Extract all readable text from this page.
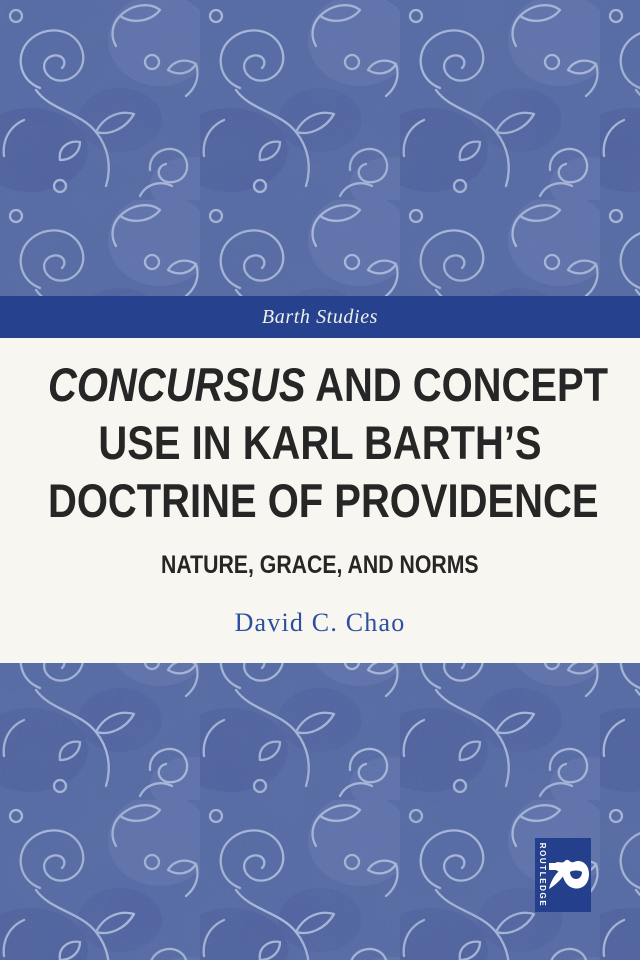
Barth Studies
CONCURSUS AND CONCEPT
USE IN KARL BARTH’S
DOCTRINE OF PROVIDENCE
NATURE, GRACE, AND NORMS
David C. Chao
ROUTLEDGE
